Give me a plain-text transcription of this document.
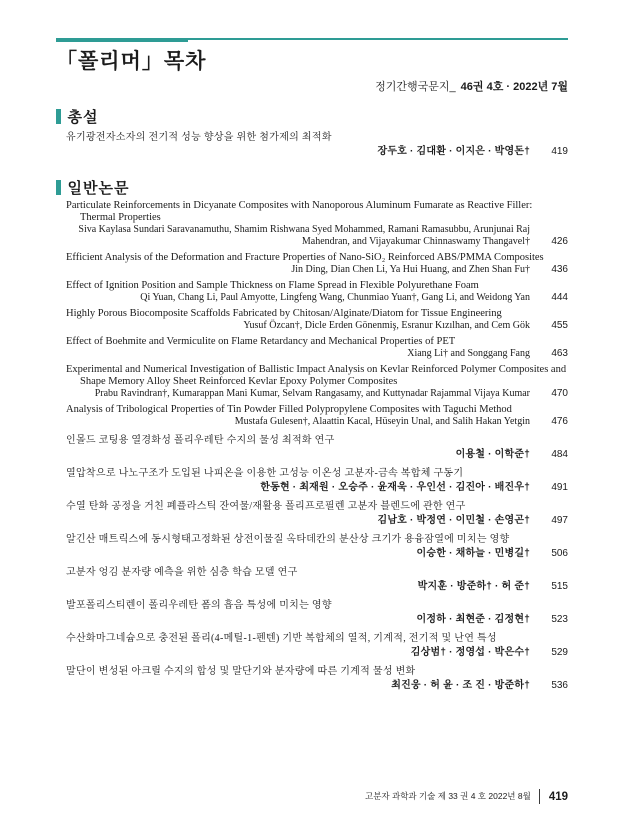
「폴리머」목차
정기간행국문지_ 46권 4호 · 2022년 7월
총설
유기광전자소자의 전기적 성능 향상을 위한 첨가제의 최적화
장두호 · 김대환 · 이지은 · 박영돈†	419
일반논문
Particulate Reinforcements in Dicyanate Composites with Nanoporous Aluminum Fumarate as Reactive Filler: Thermal Properties
Siva Kaylasa Sundari Saravanamuthu, Shamim Rishwana Syed Mohammed, Ramani Ramasubbu, Arunjunai Raj Mahendran, and Vijayakumar Chinnaswamy Thangavel†	426
Efficient Analysis of the Deformation and Fracture Properties of Nano-SiO₂ Reinforced ABS/PMMA Composites
Jin Ding, Dian Chen Li, Ya Hui Huang, and Zhen Shan Fu†	436
Effect of Ignition Position and Sample Thickness on Flame Spread in Flexible Polyurethane Foam
Qi Yuan, Chang Li, Paul Amyotte, Lingfeng Wang, Chunmiao Yuan†, Gang Li, and Weidong Yan	444
Highly Porous Biocomposite Scaffolds Fabricated by Chitosan/Alginate/Diatom for Tissue Engineering
Yusuf Özcan†, Dicle Erden Gönenmiş, Esranur Kızılhan, and Cem Gök	455
Effect of Boehmite and Vermiculite on Flame Retardancy and Mechanical Properties of PET
Xiang Li† and Songgang Fang	463
Experimental and Numerical Investigation of Ballistic Impact Analysis on Kevlar Reinforced Polymer Composites and Shape Memory Alloy Sheet Reinforced Kevlar Epoxy Polymer Composites
Prabu Ravindran†, Kumarappan Mani Kumar, Selvam Rangasamy, and Kuttynadar Rajammal Vijaya Kumar	470
Analysis of Tribological Properties of Tin Powder Filled Polypropylene Composites with Taguchi Method
Mustafa Gulesen†, Alaattin Kacal, Hüseyin Unal, and Salih Hakan Yetgin	476
인몰드 코팅용 열경화성 폴리우레탄 수지의 물성 최적화 연구
이용철 · 이학준†	484
열압착으로 나노구조가 도입된 나피온을 이용한 고성능 이온성 고분자-금속 복합체 구동기
한동현 · 최재원 · 오승주 · 윤재욱 · 우인선 · 김진아 · 배진우†	491
수열 탄화 공정을 거친 폐플라스틱 잔여물/재활용 폴리프로필렌 고분자 블렌드에 관한 연구
김남호 · 박정연 · 이민철 · 손영곤†	497
알긴산 매트릭스에 동시형태고정화된 상전이물질 옥타데칸의 분산상 크기가 용융잠열에 미치는 영향
이승한 · 채하늘 · 민병길†	506
고분자 엉김 분자량 예측을 위한 심층 학습 모델 연구
박지훈 · 방준하† · 허 준†	515
발포폴리스티렌이 폴리우레탄 폼의 흡음 특성에 미치는 영향
이정하 · 최현준 · 김정현†	523
수산화마그네슘으로 충전된 폴리(4-메틸-1-펜텐) 기반 복합체의 열적, 기계적, 전기적 및 난연 특성
김상범† · 정영섭 · 박은수†	529
말단이 변성된 아크릴 수지의 합성 및 말단기와 분자량에 따른 기계적 물성 변화
최진웅 · 허 윤 · 조 진 · 방준하†	536
고분자 과학과 기술 제 33 권 4 호 2022년 8월	419
